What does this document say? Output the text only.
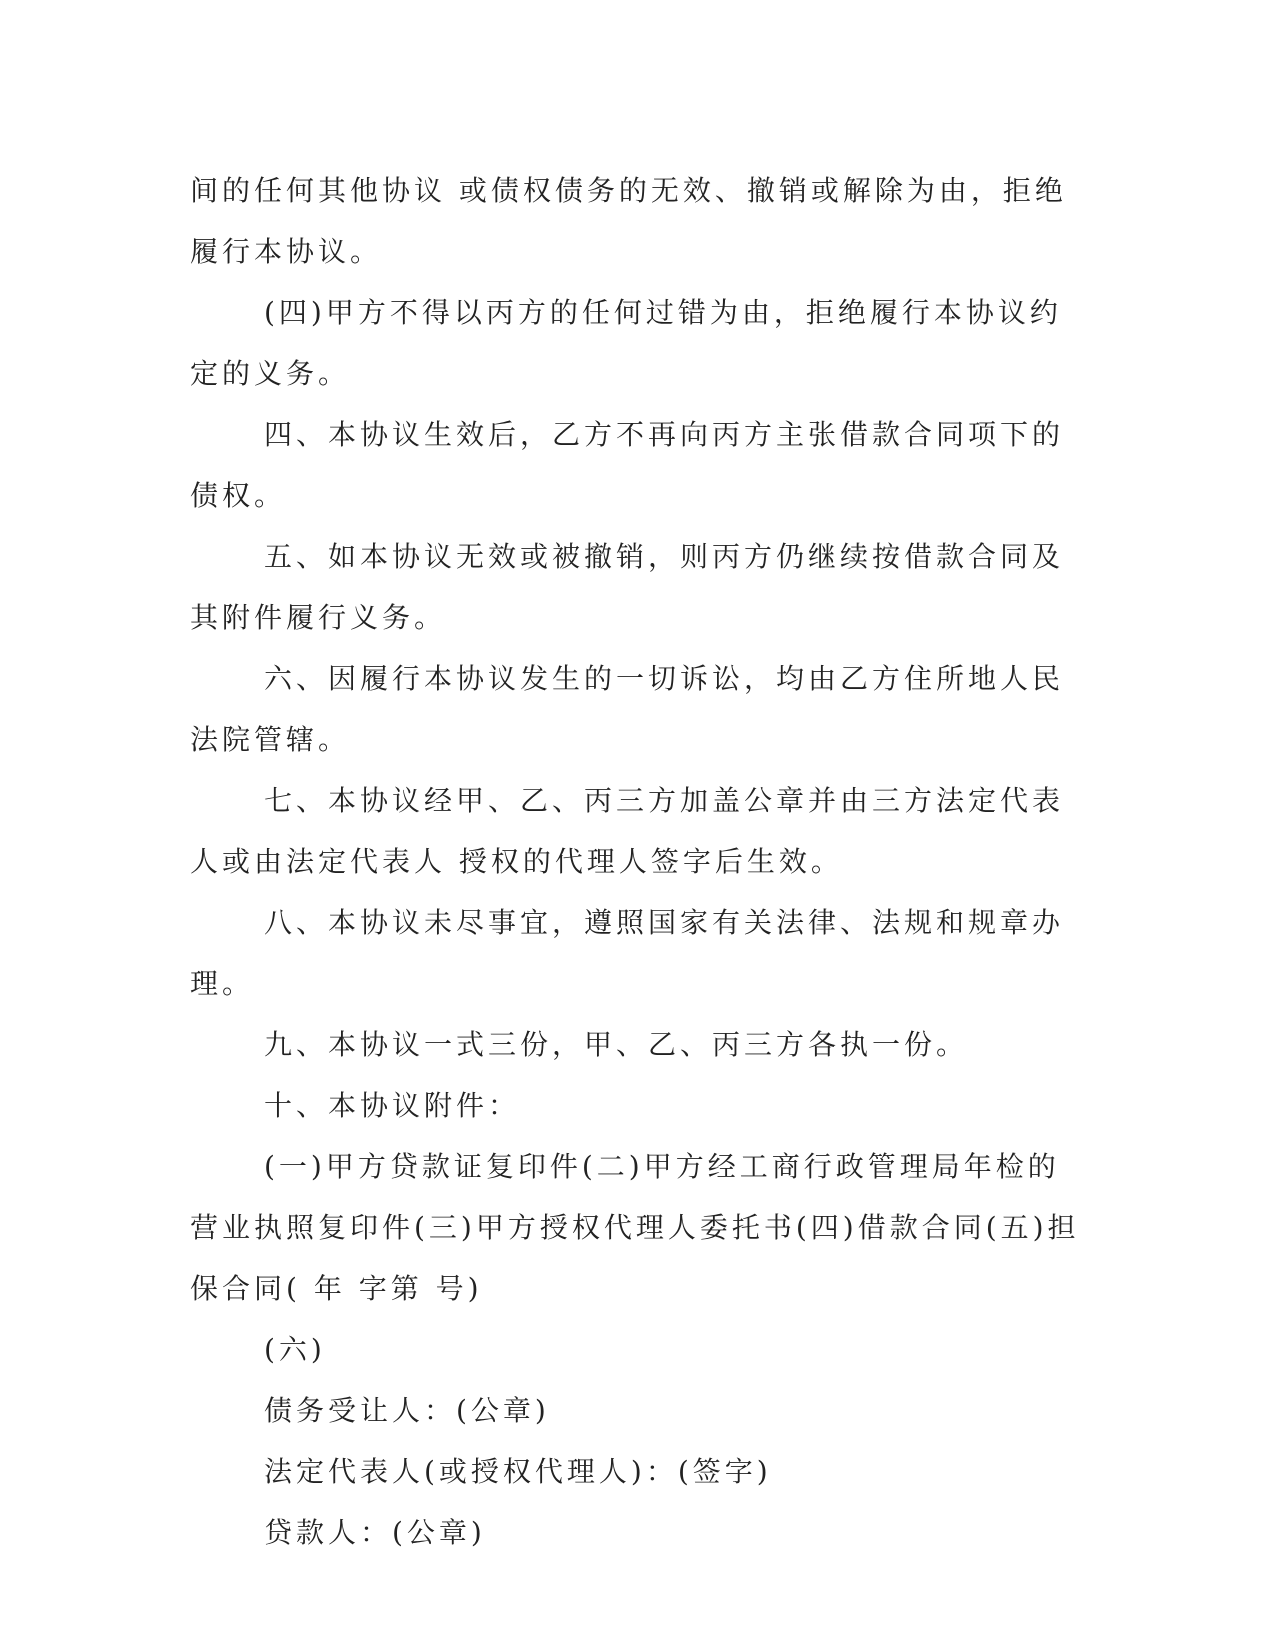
间的任何其他协议 或债权债务的无效、撤销或解除为由，拒绝履行本协议。

(四)甲方不得以丙方的任何过错为由，拒绝履行本协议约定的义务。

四、本协议生效后，乙方不再向丙方主张借款合同项下的债权。

五、如本协议无效或被撤销，则丙方仍继续按借款合同及其附件履行义务。

六、因履行本协议发生的一切诉讼，均由乙方住所地人民法院管辖。

七、本协议经甲、乙、丙三方加盖公章并由三方法定代表人或由法定代表人 授权的代理人签字后生效。

八、本协议未尽事宜，遵照国家有关法律、法规和规章办理。

九、本协议一式三份，甲、乙、丙三方各执一份。

十、本协议附件：

(一)甲方贷款证复印件(二)甲方经工商行政管理局年检的营业执照复印件(三)甲方授权代理人委托书(四)借款合同(五)担保合同( 年 字第 号)

(六)

债务受让人：(公章)

法定代表人(或授权代理人)：(签字)

贷款人：(公章)
